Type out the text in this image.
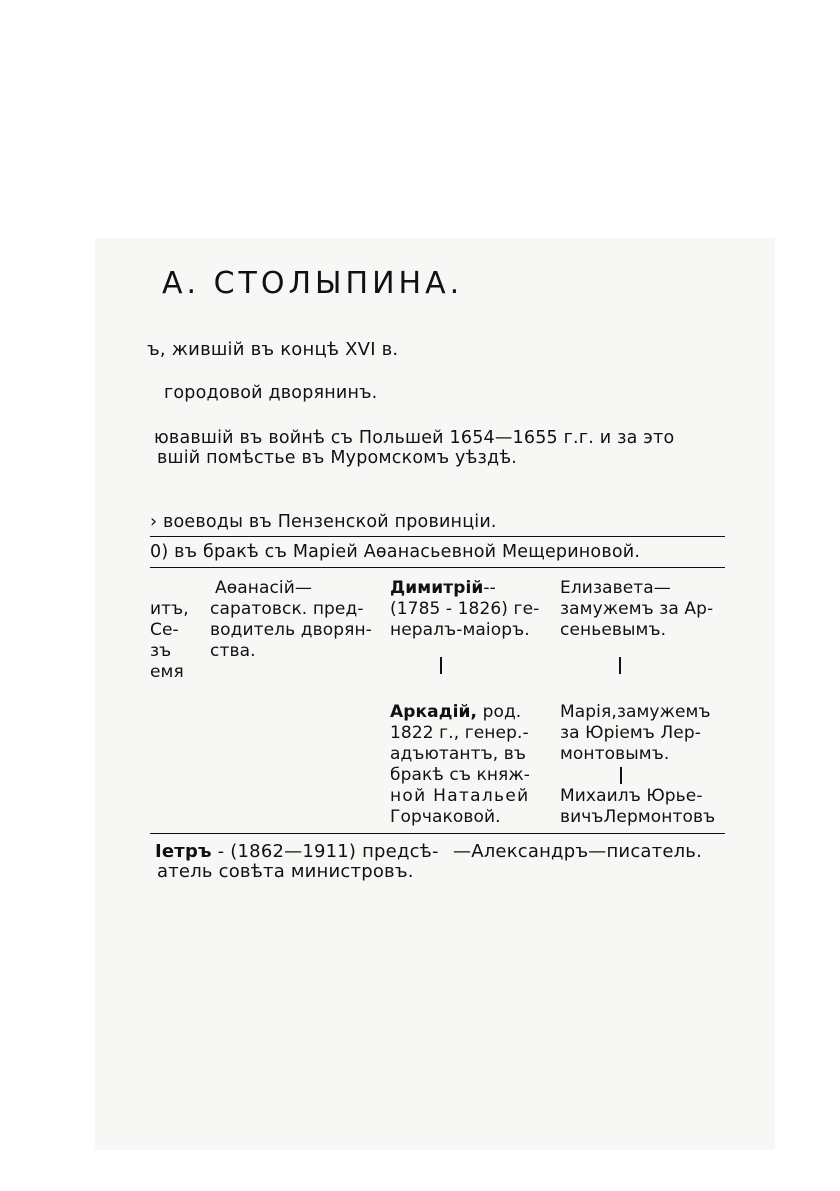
А. СТОЛЫПИНА.
ъ, жившій въ концѣ XVI в.
городовой дворянинъ.
ювавшій въ войнѣ съ Польшей 1654—1655 г.г. и за это
вшій помѣстье въ Муромскомъ уѣздѣ.
› воеводы въ Пензенской провинціи.
0) въ бракѣ съ Маріей Аѳанасьевной Мещериновой.
итъ,
Се-
зъ
емя
Аѳанасій—
саратовск. пред-
водитель дворян-
ства.
Димитрій--
(1785 - 1826) ге-
нералъ-маіоръ.
Елизавета—
замужемъ за Ар-
сеньевымъ.
Аркадій, род.
1822 г., генер.-
адъютантъ, въ
бракѣ съ княж-
ной Натальей
Горчаковой.
Марія,замужемъ
за Юріемъ Лер-
монтовымъ.
Михаилъ Юрье-
вичъЛермонтовъ
Іетръ - (1862—1911) предсѣ- —Александръ—писатель.
атель совѣта министровъ.
